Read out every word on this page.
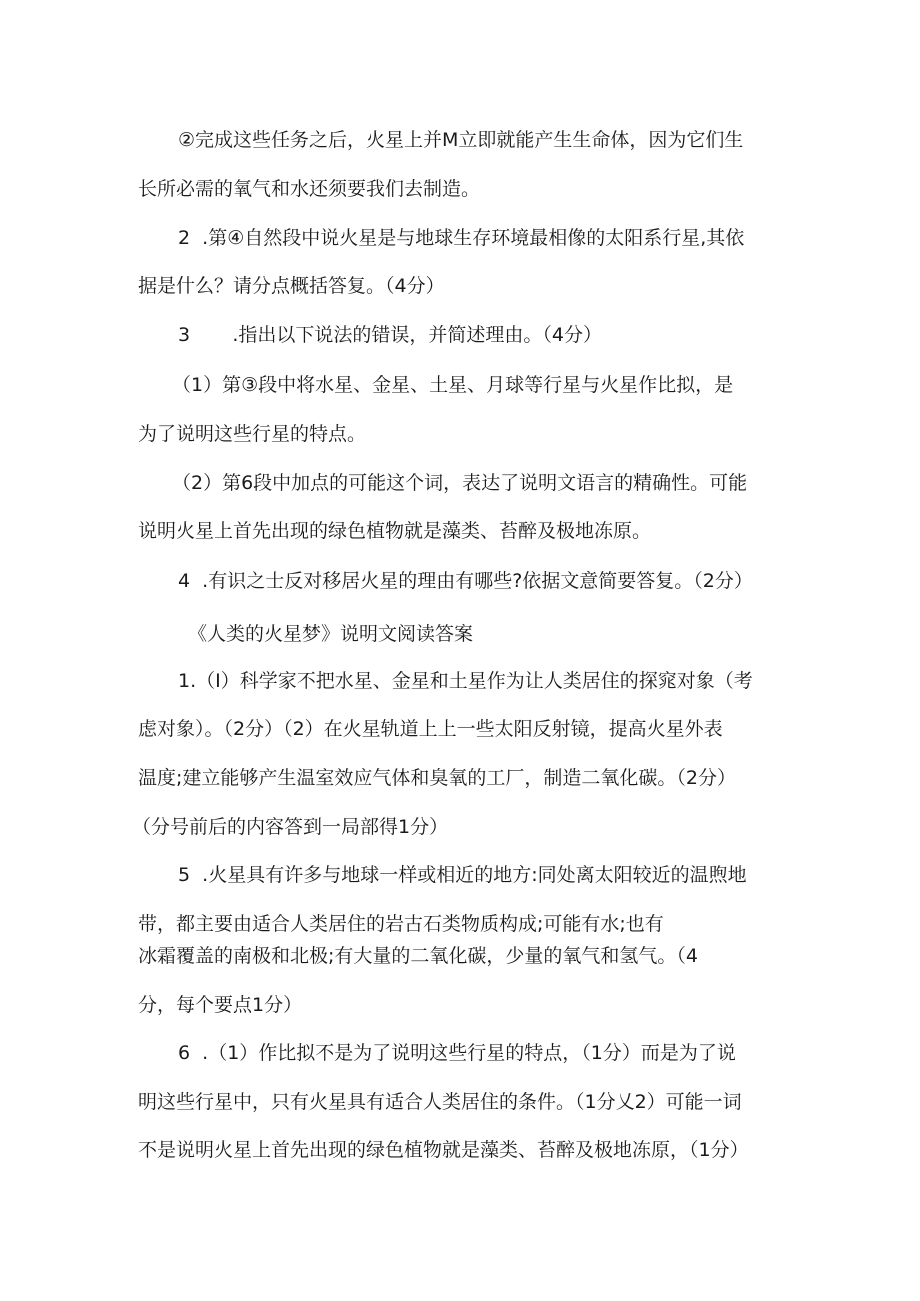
②完成这些任务之后，火星上并M立即就能产生生命体，因为它们生
长所必需的氧气和水还须要我们去制造。
2  .第④自然段中说火星是与地球生存环境最相像的太阳系行星,其依
据是什么？请分点概括答复。（4分）
3       .指出以下说法的错误，并简述理由。（4分）
（1）第③段中将水星、金星、土星、月球等行星与火星作比拟，是
为了说明这些行星的特点。
（2）第6段中加点的可能这个词，表达了说明文语言的精确性。可能
说明火星上首先出现的绿色植物就是藻类、苔醉及极地冻原。
4  .有识之士反对移居火星的理由有哪些?依据文意简要答复。（2分）
《人类的火星梦》说明文阅读答案
1.（I）科学家不把水星、金星和土星作为让人类居住的探窕对象（考
虑对象）。（2分）（2）在火星轨道上上一些太阳反射镜，提高火星外表
温度;建立能够产生温室效应气体和臭氧的工厂，制造二氧化碳。（2分）
（分号前后的内容答到一局部得1分）
5  .火星具有许多与地球一样或相近的地方:同处离太阳较近的温煦地
带，都主要由适合人类居住的岩古石类物质构成;可能有水;也有
冰霜覆盖的南极和北极;有大量的二氧化碳，少量的氧气和氢气。（4
分，每个要点1分）
6  .（1）作比拟不是为了说明这些行星的特点，（1分）而是为了说
明这些行星中，只有火星具有适合人类居住的条件。（1分乂2）可能一词
不是说明火星上首先出现的绿色植物就是藻类、苔醉及极地冻原，（1分）
